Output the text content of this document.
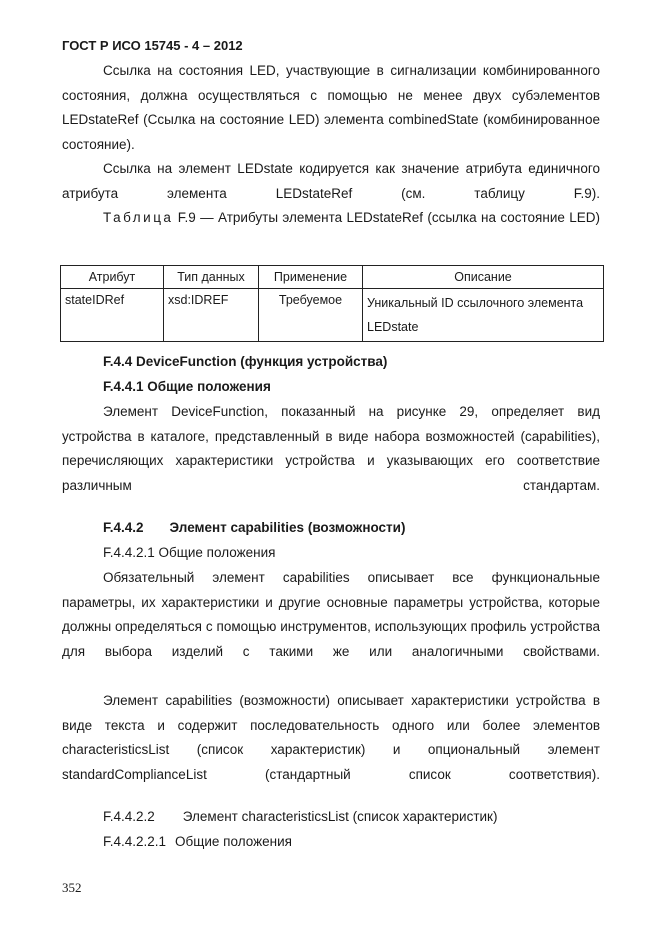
ГОСТ Р ИСО 15745 - 4 – 2012

Ссылка на состояния LED, участвующие в сигнализации комбинированного состояния, должна осуществляться с помощью не менее двух субэлементов LEDstateRef (Ссылка на состояние LED) элемента combinedState (комбинированное состояние).

Ссылка на элемент LEDstate кодируется как значение атрибута единичного атрибута элемента LEDstateRef (см. таблицу F.9).

Таблица F.9 — Атрибуты элемента LEDstateRef (ссылка на состояние LED)

Атрибут	Тип данных	Применение	Описание
stateIDRef	xsd:IDREF	Требуемое	Уникальный ID ссылочного элемента LEDstate
F.4.4 DeviceFunction (функция устройства)
F.4.4.1 Общие положения

Элемент DeviceFunction, показанный на рисунке 29, определяет вид устройства в каталоге, представленный в виде набора возможностей (capabilities), перечисляющих характеристики устройства и указывающих его соответствие различным стандартам.

F.4.4.2 Элемент capabilities (возможности)
F.4.4.2.1 Общие положения

Обязательный элемент capabilities описывает все функциональные параметры, их характеристики и другие основные параметры устройства, которые должны определяться с помощью инструментов, использующих профиль устройства для выбора изделий с такими же или аналогичными свойствами.

Элемент capabilities (возможности) описывает характеристики устройства в виде текста и содержит последовательность одного или более элементов characteristicsList (список характеристик) и опциональный элемент standardComplianceList (стандартный список соответствия).

F.4.4.2.2 Элемент characteristicsList (список характеристик)
F.4.4.2.2.1 Общие положения
352
